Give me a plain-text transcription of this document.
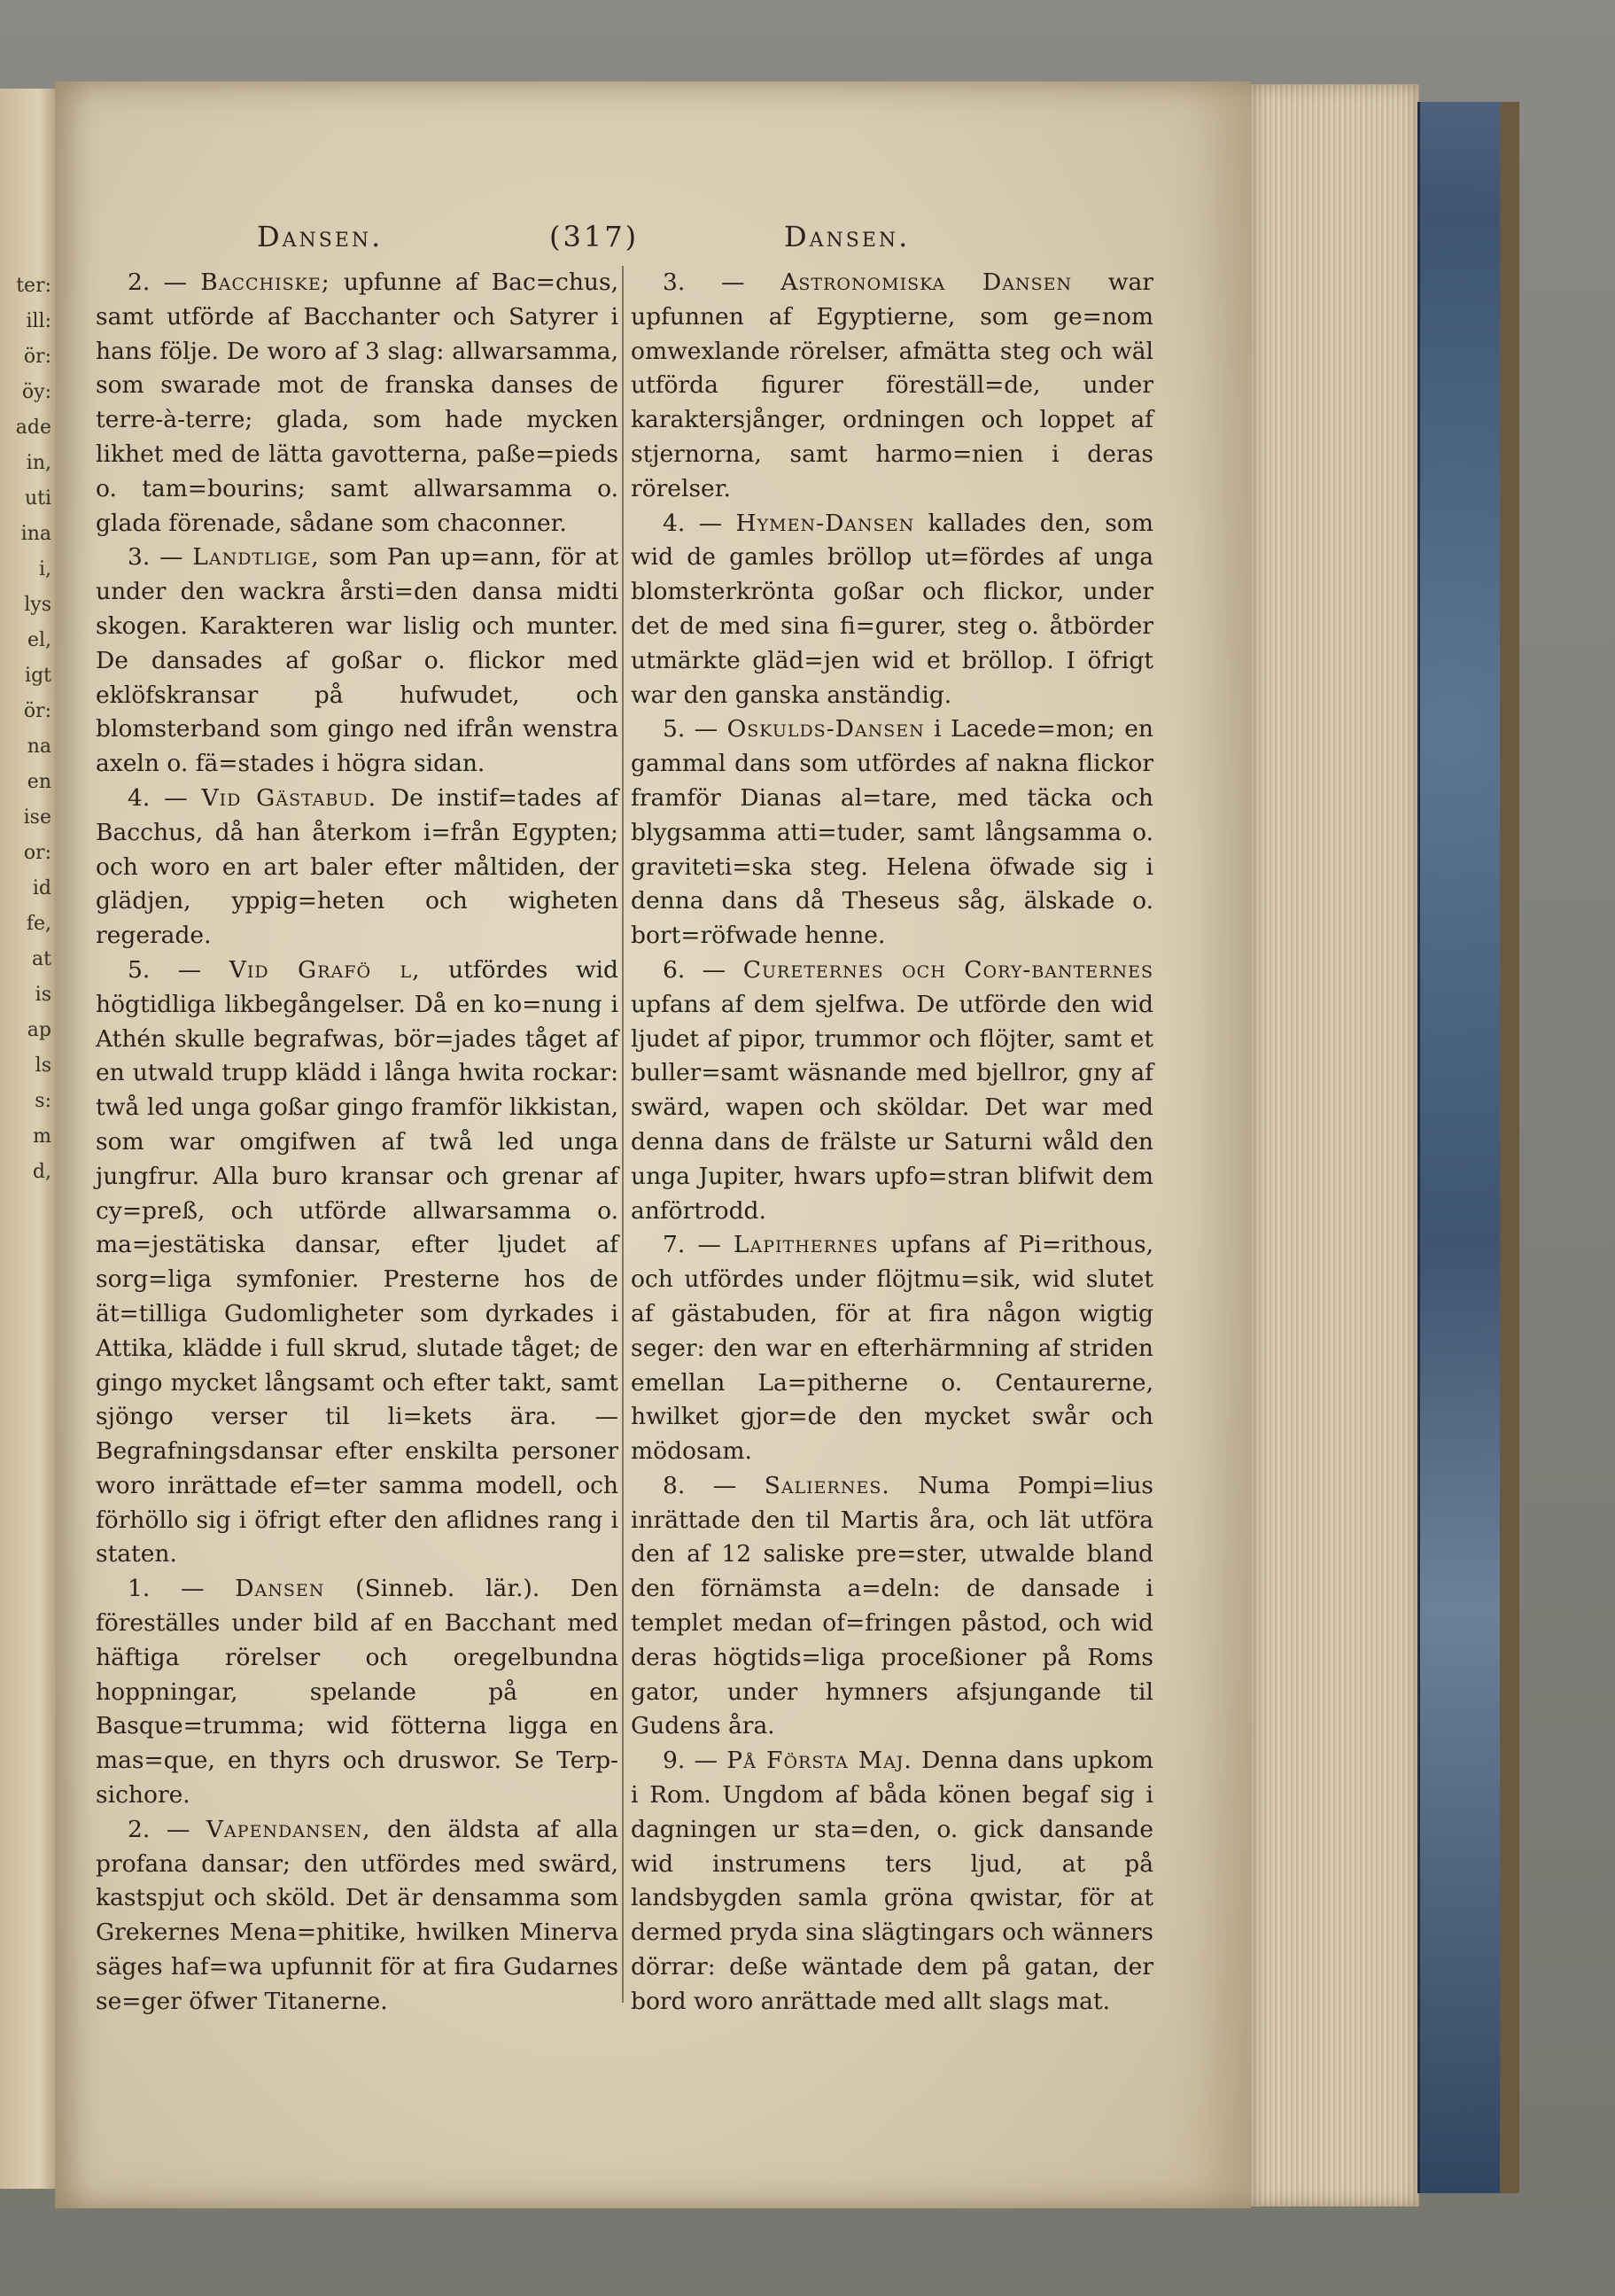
ter:
ill:
ör:
öy:
ade
in,
uti
ina
i,
lys
el,
igt
ör:
na
en
ise
or:
id
fe,
at
is
ap
ls
s:
m
d,
Dansen.	(317)	Dansen.

2. — Bacchiske; upfunne af Bac=chus, samt utförde af Bacchanter och Satyrer i hans följe. De woro af 3 slag: allwarsamma, som swarade mot de franska danses de terre-à-terre; glada, som hade mycken likhet med de lätta gavotterna, paße=pieds o. tam=bourins; samt allwarsamma o. glada förenade, sådane som chaconner.

3. — Landtlige, som Pan up=ann, för at under den wackra årsti=den dansa midti skogen. Karakteren war lislig och munter. De dansades af goßar o. flickor med eklöfskransar på hufwudet, och blomsterband som gingo ned ifrån wenstra axeln o. fä=stades i högra sidan.

4. — Vid Gästabud. De instif=tades af Bacchus, då han återkom i=från Egypten; och woro en art baler efter måltiden, der glädjen, yppig=heten och wigheten regerade.

5. — Vid Grafö l, utfördes wid högtidliga likbegångelser. Då en ko=nung i Athén skulle begrafwas, bör=jades tåget af en utwald trupp klädd i långa hwita rockar: twå led unga goßar gingo framför likkistan, som war omgifwen af twå led unga jungfrur. Alla buro kransar och grenar af cy=preß, och utförde allwarsamma o. ma=jestätiska dansar, efter ljudet af sorg=liga symfonier. Presterne hos de ät=tilliga Gudomligheter som dyrkades i Attika, klädde i full skrud, slutade tåget; de gingo mycket långsamt och efter takt, samt sjöngo verser til li=kets ära. — Begrafningsdansar efter enskilta personer woro inrättade ef=ter samma modell, och förhöllo sig i öfrigt efter den aflidnes rang i staten.

1. — Dansen (Sinneb. lär.). Den föreställes under bild af en Bacchant med häftiga rörelser och oregelbundna hoppningar, spelande på en Basque=trumma; wid fötterna ligga en mas=que, en thyrs och druswor. Se Terp-sichore.

2. — Vapendansen, den äldsta af alla profana dansar; den utfördes med swärd, kastspjut och sköld. Det är densamma som Grekernes Mena=phitike, hwilken Minerva säges haf=wa upfunnit för at fira Gudarnes se=ger öfwer Titanerne.

3. — Astronomiska Dansen war upfunnen af Egyptierne, som ge=nom omwexlande rörelser, afmätta steg och wäl utförda figurer föreställ=de, under karaktersjånger, ordningen och loppet af stjernorna, samt harmo=nien i deras rörelser.

4. — Hymen-Dansen kallades den, som wid de gamles bröllop ut=fördes af unga blomsterkrönta goßar och flickor, under det de med sina fi=gurer, steg o. åtbörder utmärkte gläd=jen wid et bröllop. I öfrigt war den ganska anständig.

5. — Oskulds-Dansen i Lacede=mon; en gammal dans som utfördes af nakna flickor framför Dianas al=tare, med täcka och blygsamma atti=tuder, samt långsamma o. graviteti=ska steg. Helena öfwade sig i denna dans då Theseus såg, älskade o. bort=röfwade henne.

6. — Cureternes och Cory-banternes upfans af dem sjelfwa. De utförde den wid ljudet af pipor, trummor och flöjter, samt et buller=samt wäsnande med bjellror, gny af swärd, wapen och sköldar. Det war med denna dans de frälste ur Saturni wåld den unga Jupiter, hwars upfo=stran blifwit dem anförtrodd.

7. — Lapithernes upfans af Pi=rithous, och utfördes under flöjtmu=sik, wid slutet af gästabuden, för at fira någon wigtig seger: den war en efterhärmning af striden emellan La=pitherne o. Centaurerne, hwilket gjor=de den mycket swår och mödosam.

8. — Saliernes. Numa Pompi=lius inrättade den til Martis åra, och lät utföra den af 12 saliske pre=ster, utwalde bland den förnämsta a=deln: de dansade i templet medan of=fringen påstod, och wid deras högtids=liga proceßioner på Roms gator, under hymners afsjungande til Gudens åra.

9. — På Första Maj. Denna dans upkom i Rom. Ungdom af båda könen begaf sig i dagningen ur sta=den, o. gick dansande wid instrumens ters ljud, at på landsbygden samla gröna qwistar, för at dermed pryda sina slägtingars och wänners dörrar: deße wäntade dem på gatan, der bord woro anrättade med allt slags mat.
